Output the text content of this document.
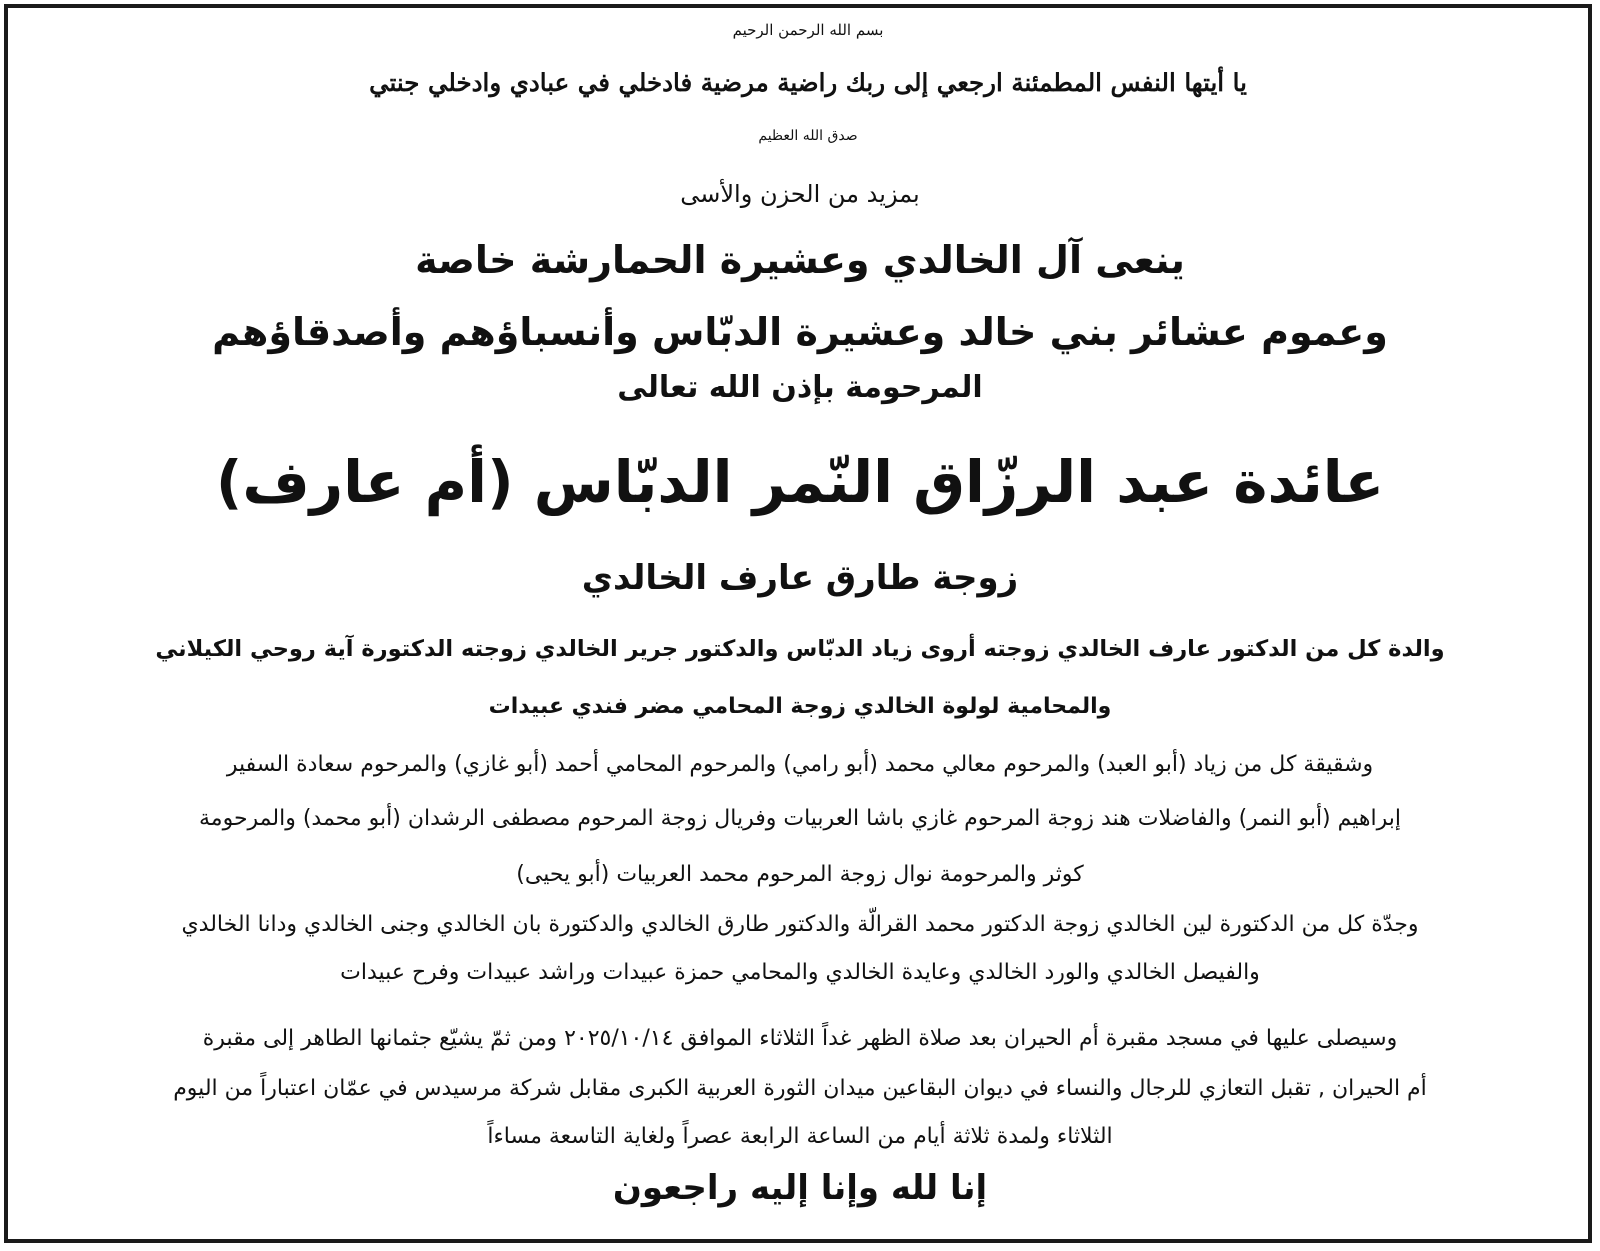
بسم الله الرحمن الرحيم
يا أيتها النفس المطمئنة ارجعي إلى ربك راضية مرضية فادخلي في عبادي وادخلي جنتي
صدق الله العظيم
بمزيد من الحزن والأسى
ينعى آل الخالدي وعشيرة الحمارشة خاصة
وعموم عشائر بني خالد وعشيرة الدبّاس وأنسباؤهم وأصدقاؤهم
المرحومة بإذن الله تعالى
عائدة عبد الرزّاق النّمر الدبّاس (أم عارف)
زوجة طارق عارف الخالدي
والدة كل من الدكتور عارف الخالدي زوجته أروى زياد الدبّاس والدكتور جرير الخالدي زوجته الدكتورة آية روحي الكيلاني
والمحامية لولوة الخالدي زوجة المحامي مضر فندي عبيدات
وشقيقة كل من زياد (أبو العبد) والمرحوم معالي محمد (أبو رامي) والمرحوم المحامي أحمد (أبو غازي) والمرحوم سعادة السفير
إبراهيم (أبو النمر) والفاضلات هند زوجة المرحوم غازي باشا العربيات وفريال زوجة المرحوم مصطفى الرشدان (أبو محمد) والمرحومة
كوثر والمرحومة نوال زوجة المرحوم محمد العربيات (أبو يحيى)
وجدّة كل من الدكتورة لين الخالدي زوجة الدكتور محمد القرالّة والدكتور طارق الخالدي والدكتورة بان الخالدي وجنى الخالدي ودانا الخالدي
والفيصل الخالدي والورد الخالدي وعايدة الخالدي والمحامي حمزة عبيدات وراشد عبيدات وفرح عبيدات
وسيصلى عليها في مسجد مقبرة أم الحيران بعد صلاة الظهر غداً الثلاثاء الموافق ٢٠٢٥/١٠/١٤ ومن ثمّ يشيّع جثمانها الطاهر إلى مقبرة
أم الحيران , تقبل التعازي للرجال والنساء في ديوان البقاعين ميدان الثورة العربية الكبرى مقابل شركة مرسيدس في عمّان اعتباراً من اليوم
الثلاثاء ولمدة ثلاثة أيام من الساعة الرابعة عصراً ولغاية التاسعة مساءاً
إنا لله وإنا إليه راجعون
